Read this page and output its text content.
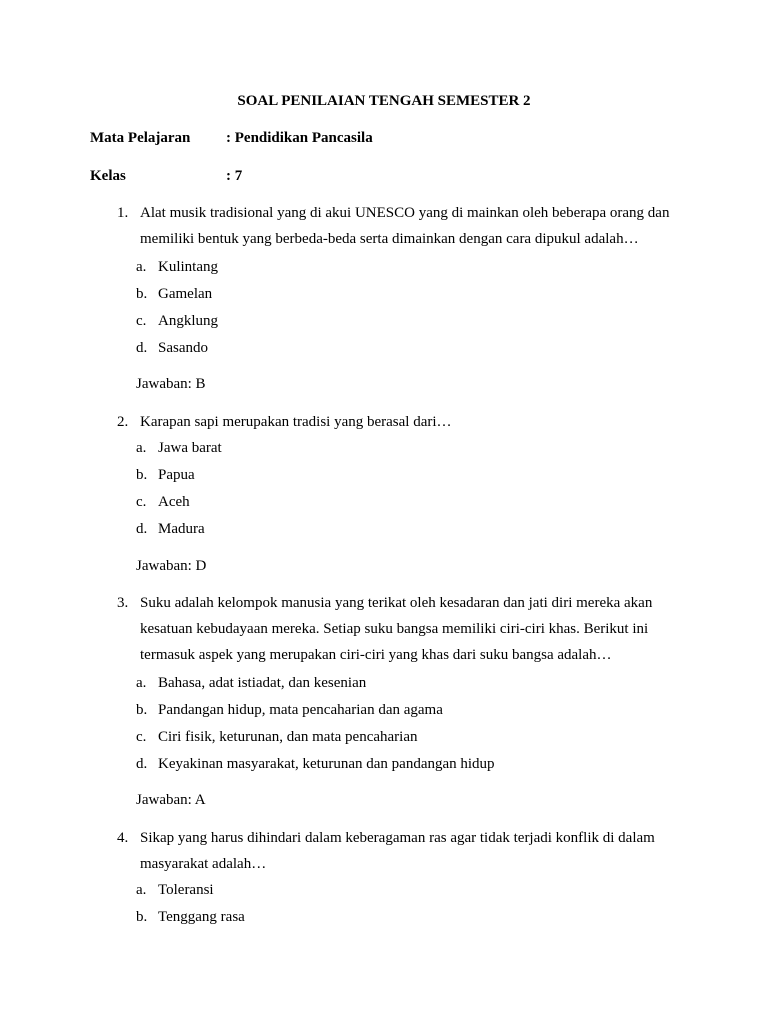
SOAL PENILAIAN TENGAH SEMESTER 2
Mata Pelajaran : Pendidikan Pancasila
Kelas	: 7
1. Alat musik tradisional yang di akui UNESCO yang di mainkan oleh beberapa orang dan memiliki bentuk yang berbeda-beda serta dimainkan dengan cara dipukul adalah…
a. Kulintang
b. Gamelan
c. Angklung
d. Sasando
Jawaban: B
2. Karapan sapi merupakan tradisi yang berasal dari…
a. Jawa barat
b. Papua
c. Aceh
d. Madura
Jawaban: D
3. Suku adalah kelompok manusia yang terikat oleh kesadaran dan jati diri mereka akan kesatuan kebudayaan mereka. Setiap suku bangsa memiliki ciri-ciri khas. Berikut ini termasuk aspek yang merupakan ciri-ciri yang khas dari suku bangsa adalah…
a. Bahasa, adat istiadat, dan kesenian
b. Pandangan hidup, mata pencaharian dan agama
c. Ciri fisik, keturunan, dan mata pencaharian
d. Keyakinan masyarakat, keturunan dan pandangan hidup
Jawaban: A
4. Sikap yang harus dihindari dalam keberagaman ras agar tidak terjadi konflik di dalam masyarakat adalah…
a. Toleransi
b. Tenggang rasa
